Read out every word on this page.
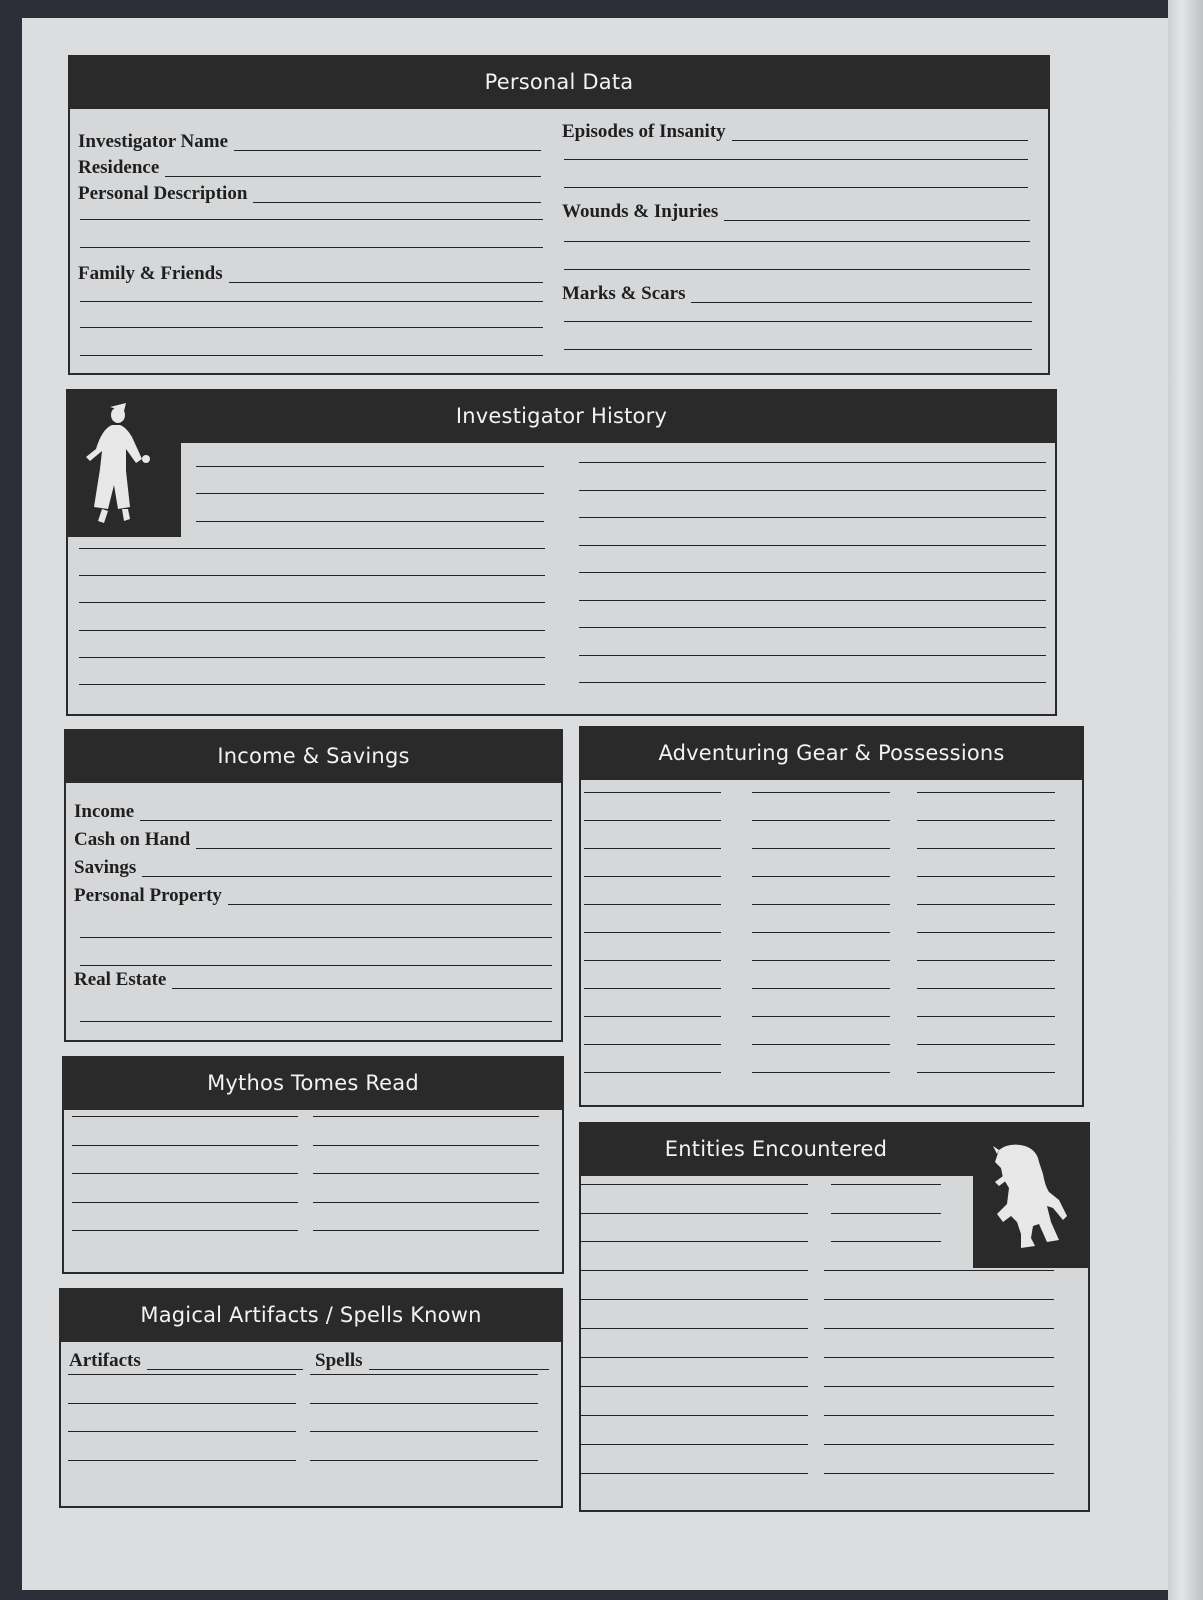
Personal Data
Investigator Name
Residence
Personal Description
Family & Friends
Episodes of Insanity
Wounds & Injuries
Marks & Scars
Investigator History
Income & Savings
Income
Cash on Hand
Savings
Personal Property
Real Estate
Adventuring Gear & Possessions
Mythos Tomes Read
Magical Artifacts / Spells Known
Artifacts	Spells
Entities Encountered
